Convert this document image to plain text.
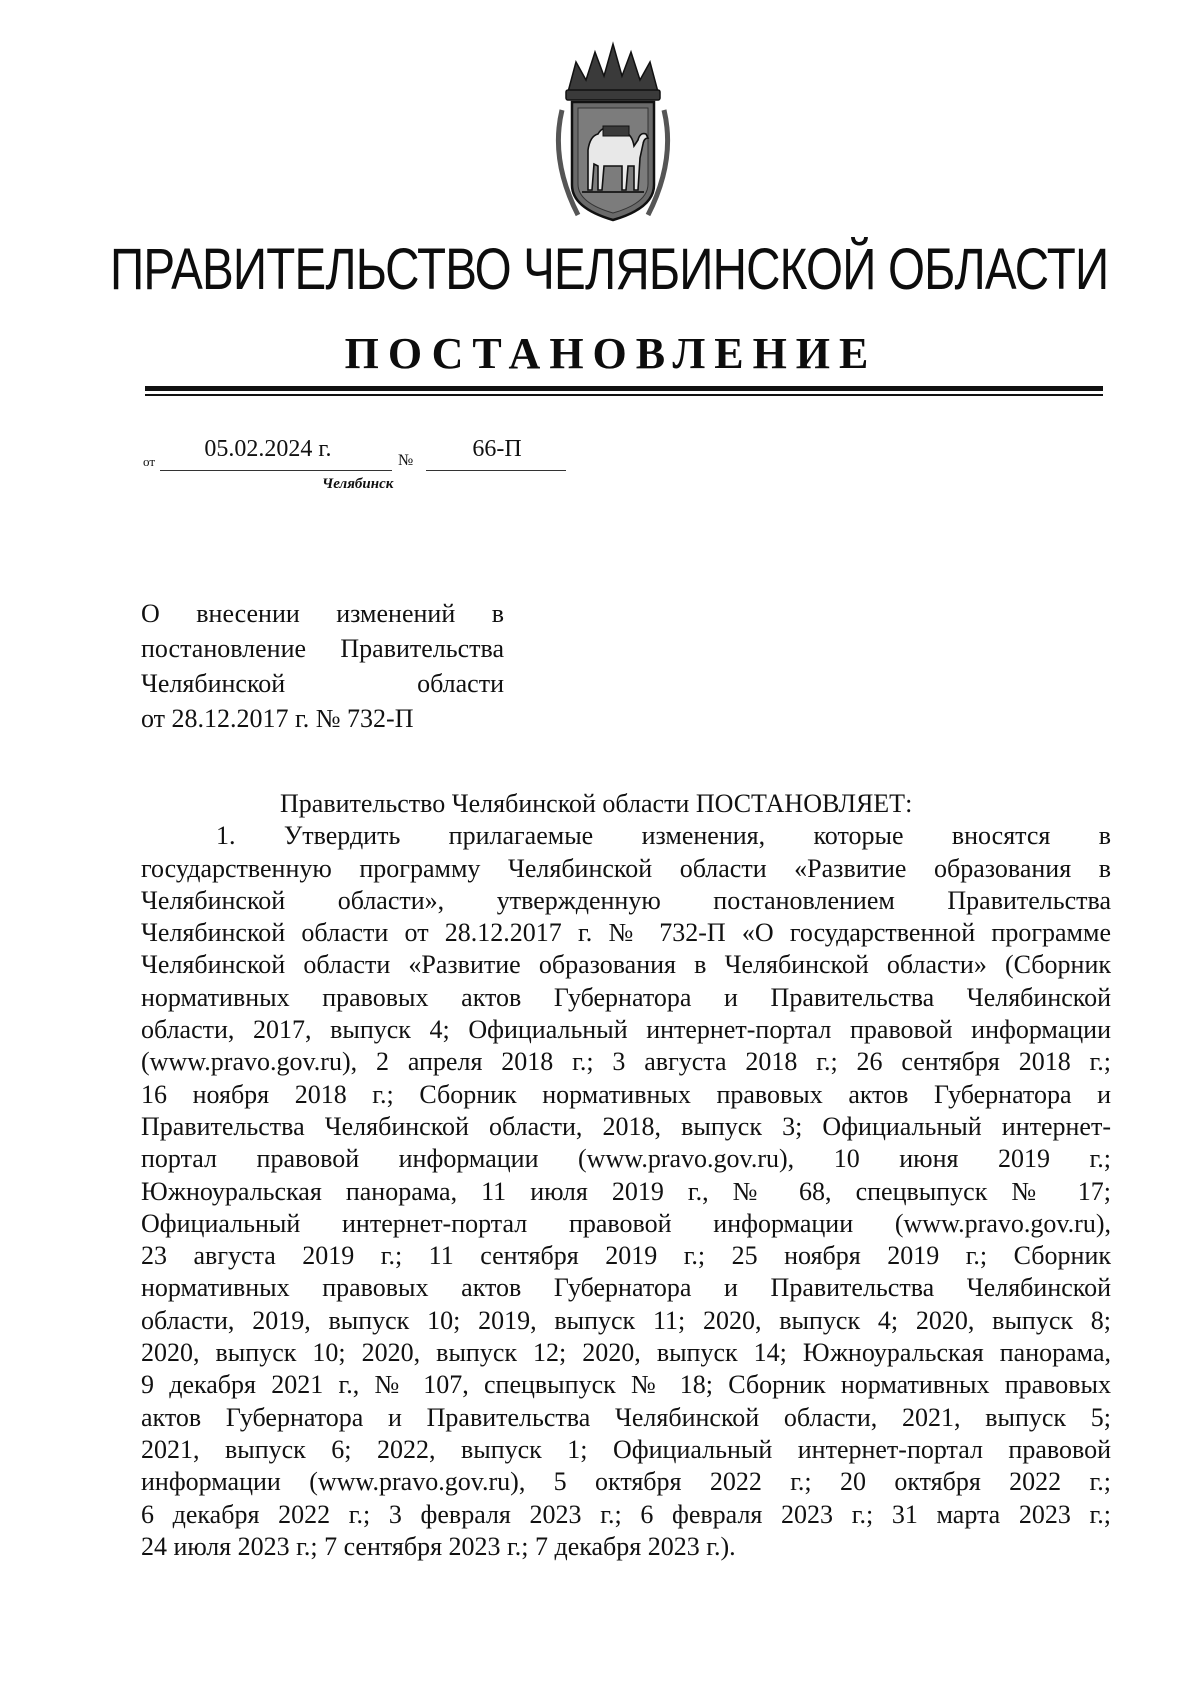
ПРАВИТЕЛЬСТВО ЧЕЛЯБИНСКОЙ ОБЛАСТИ
ПОСТАНОВЛЕНИЕ
от	05.02.2024 г.	№	66-П
Челябинск
О внесении изменений в
постановление Правительства
Челябинской области
от 28.12.2017 г. № 732-П
Правительство Челябинской области ПОСТАНОВЛЯЕТ:
1. Утвердить прилагаемые изменения, которые вносятся в
государственную программу Челябинской области «Развитие образования в
Челябинской области», утвержденную постановлением Правительства
Челябинской области от 28.12.2017 г. № 732-П «О государственной программе
Челябинской области «Развитие образования в Челябинской области» (Сборник
нормативных правовых актов Губернатора и Правительства Челябинской
области, 2017, выпуск 4; Официальный интернет-портал правовой информации
(www.pravo.gov.ru), 2 апреля 2018 г.; 3 августа 2018 г.; 26 сентября 2018 г.;
16 ноября 2018 г.; Сборник нормативных правовых актов Губернатора и
Правительства Челябинской области, 2018, выпуск 3; Официальный интернет-
портал правовой информации (www.pravo.gov.ru), 10 июня 2019 г.;
Южноуральская панорама, 11 июля 2019 г., № 68, спецвыпуск № 17;
Официальный интернет-портал правовой информации (www.pravo.gov.ru),
23 августа 2019 г.; 11 сентября 2019 г.; 25 ноября 2019 г.; Сборник
нормативных правовых актов Губернатора и Правительства Челябинской
области, 2019, выпуск 10; 2019, выпуск 11; 2020, выпуск 4; 2020, выпуск 8;
2020, выпуск 10; 2020, выпуск 12; 2020, выпуск 14; Южноуральская панорама,
9 декабря 2021 г., № 107, спецвыпуск № 18; Сборник нормативных правовых
актов Губернатора и Правительства Челябинской области, 2021, выпуск 5;
2021, выпуск 6; 2022, выпуск 1; Официальный интернет-портал правовой
информации (www.pravo.gov.ru), 5 октября 2022 г.; 20 октября 2022 г.;
6 декабря 2022 г.; 3 февраля 2023 г.; 6 февраля 2023 г.; 31 марта 2023 г.;
24 июля 2023 г.; 7 сентября 2023 г.; 7 декабря 2023 г.).
